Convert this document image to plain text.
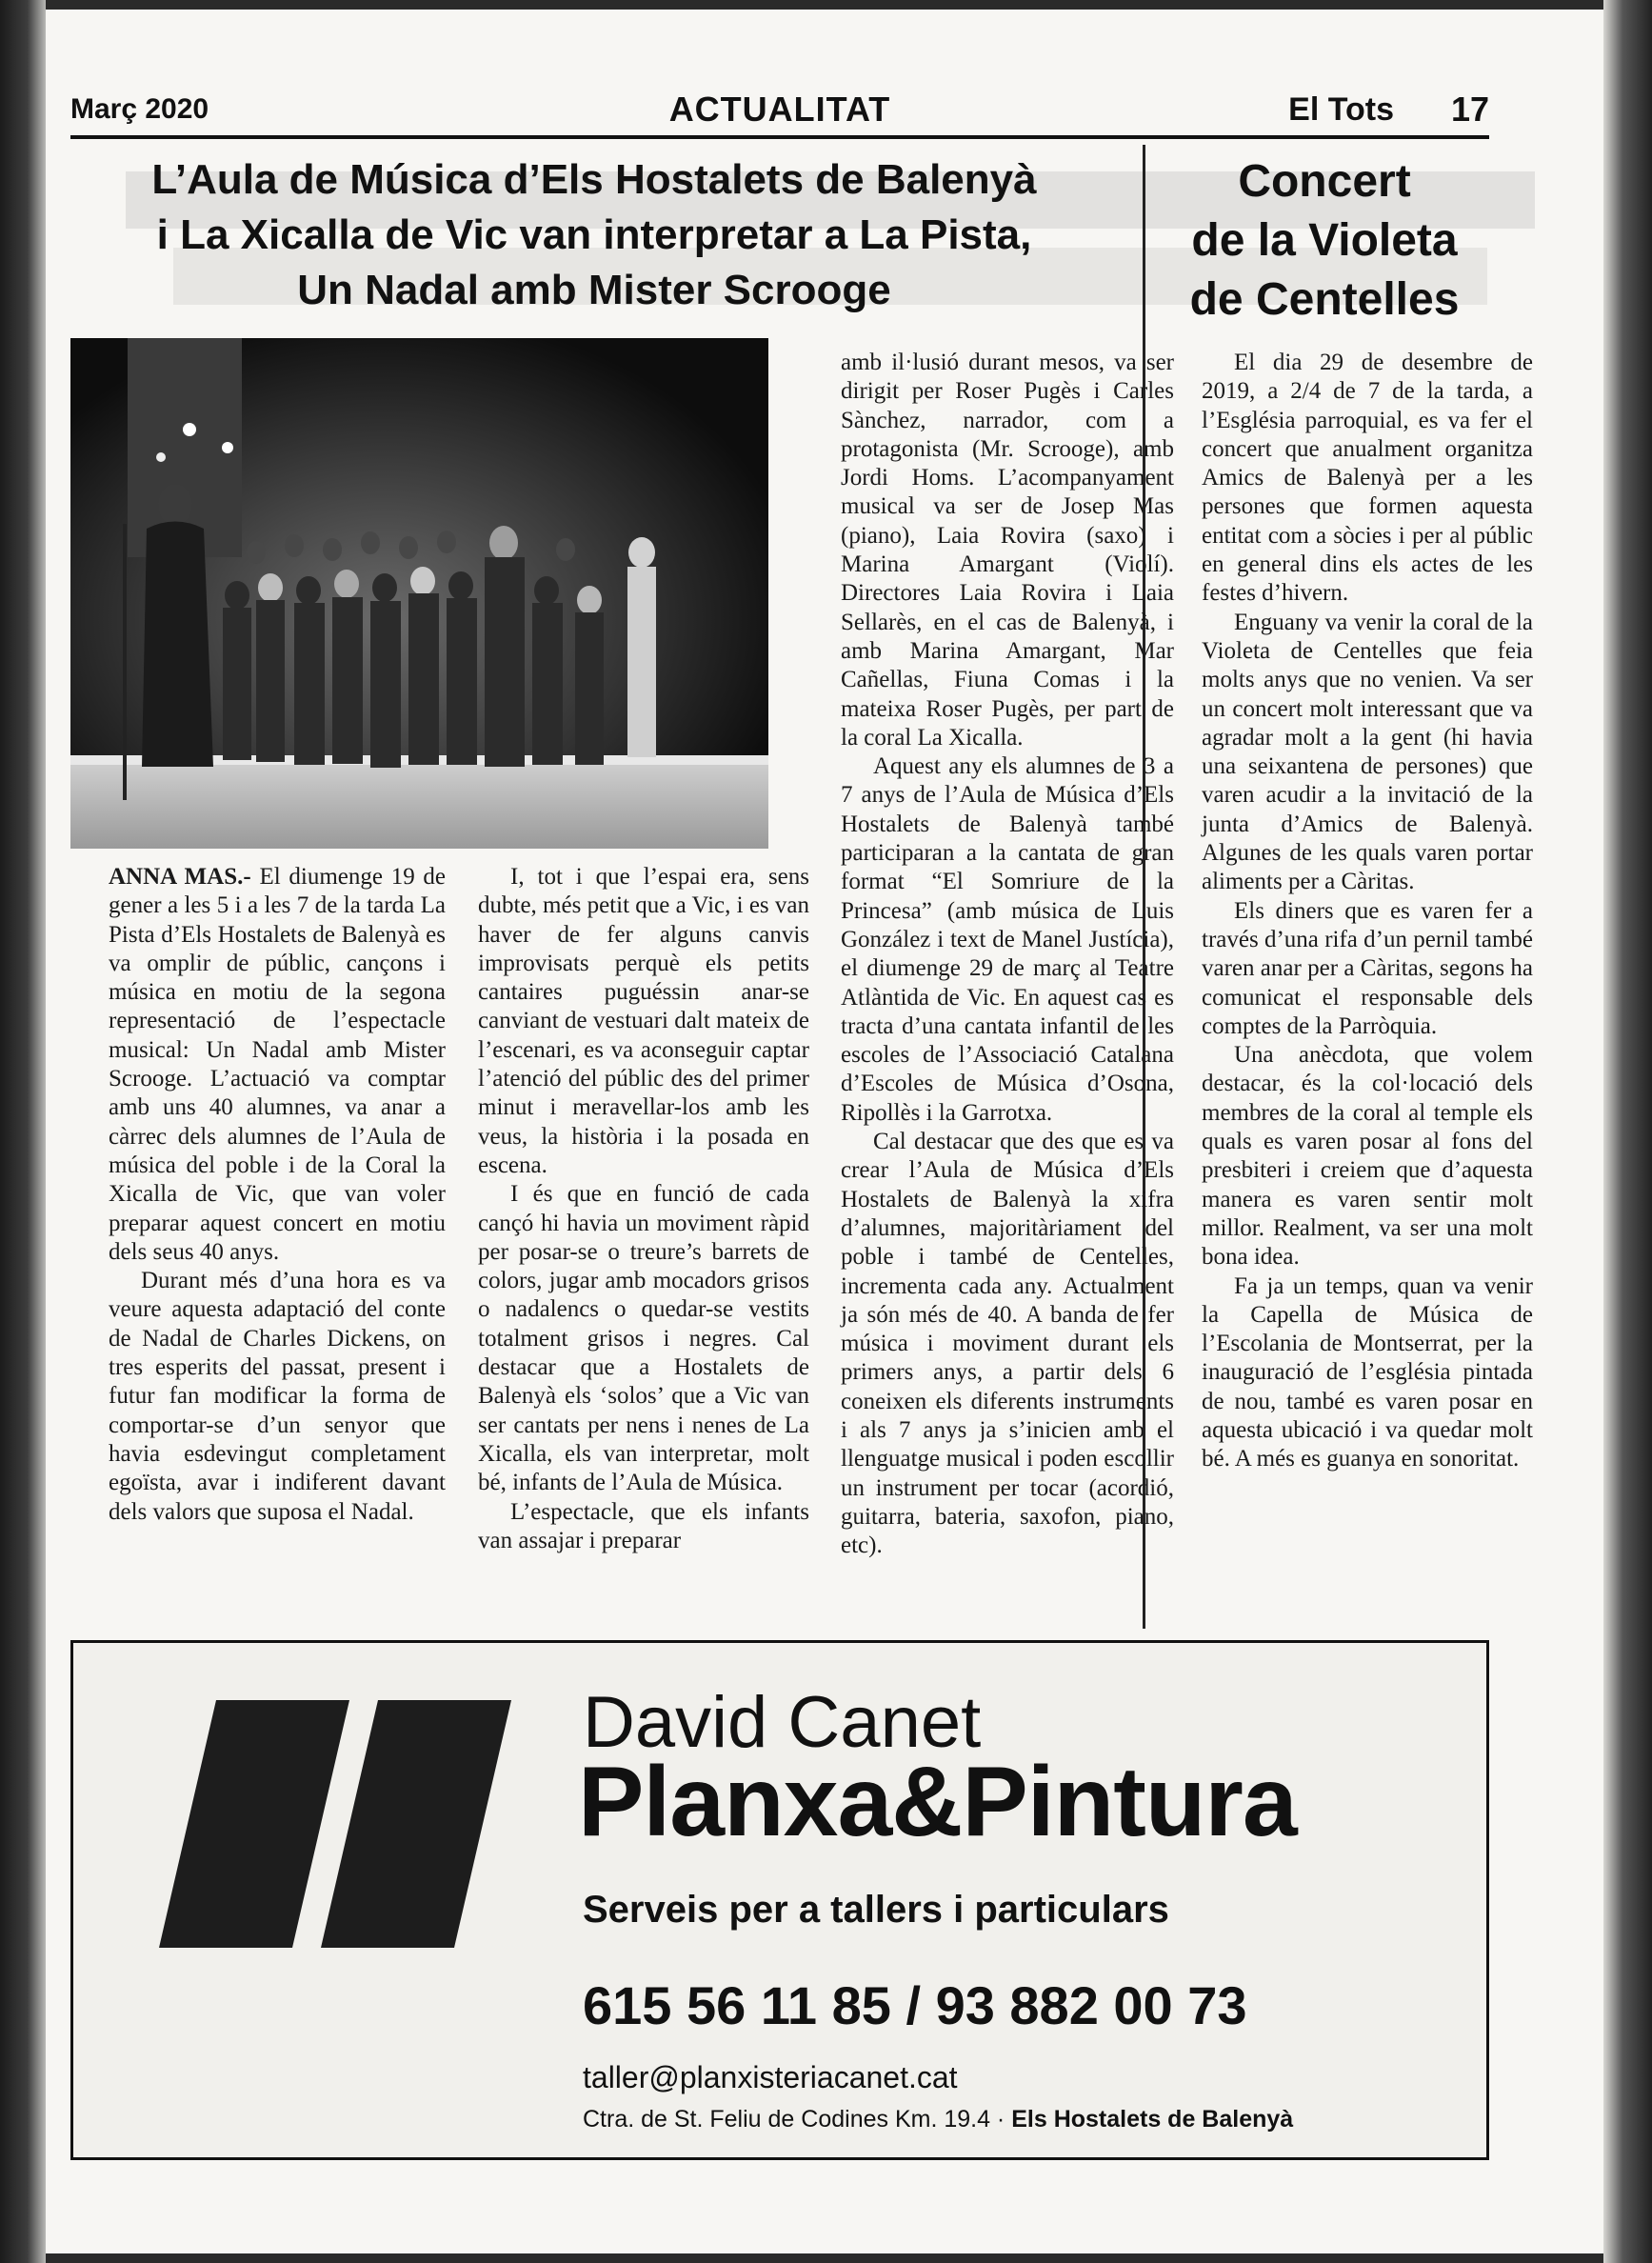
Març 2020	ACTUALITAT	El Tots 17
L’Aula de Música d’Els Hostalets de Balenyà
i La Xicalla de Vic van interpretar a La Pista,
Un Nadal amb Mister Scrooge
Concert
de la Violeta
de Centelles

ANNA MAS.- El diumenge 19 de gener a les 5 i a les 7 de la tarda La Pista d’Els Hostalets de Balenyà es va omplir de públic, cançons i música en motiu de la segona representació de l’espectacle musical: Un Nadal amb Mister Scrooge. L’actuació va comptar amb uns 40 alumnes, va anar a càrrec dels alumnes de l’Aula de música del poble i de la Coral la Xicalla de Vic, que van voler preparar aquest concert en motiu dels seus 40 anys.

Durant més d’una hora es va veure aquesta adaptació del conte de Nadal de Charles Dickens, on tres esperits del passat, present i futur fan modificar la forma de comportar-se d’un senyor que havia esdevingut completament egoïsta, avar i indiferent davant dels valors que suposa el Nadal.

I, tot i que l’espai era, sens dubte, més petit que a Vic, i es van haver de fer alguns canvis improvisats perquè els petits cantaires puguéssin anar-se canviant de vestuari dalt mateix de l’escenari, es va aconseguir captar l’atenció del públic des del primer minut i meravellar-los amb les veus, la història i la posada en escena.

I és que en funció de cada cançó hi havia un moviment ràpid per posar-se o treure’s barrets de colors, jugar amb mocadors grisos o nadalencs o quedar-se vestits totalment grisos i negres. Cal destacar que a Hostalets de Balenyà els ‘solos’ que a Vic van ser cantats per nens i nenes de La Xicalla, els van interpretar, molt bé, infants de l’Aula de Música.

L’espectacle, que els infants van assajar i preparar

amb il·lusió durant mesos, va ser dirigit per Roser Pugès i Carles Sànchez, narrador, com a protagonista (Mr. Scrooge), amb Jordi Homs. L’acompanyament musical va ser de Josep Mas (piano), Laia Rovira (saxo) i Marina Amargant (Violí). Directores Laia Rovira i Laia Sellarès, en el cas de Balenyà, i amb Marina Amargant, Mar Cañellas, Fiuna Comas i la mateixa Roser Pugès, per part de la coral La Xicalla.

Aquest any els alumnes de 3 a 7 anys de l’Aula de Música d’Els Hostalets de Balenyà també participaran a la cantata de gran format “El Somriure de la Princesa” (amb música de Luis González i text de Manel Justícia), el diumenge 29 de març al Teatre Atlàntida de Vic. En aquest cas es tracta d’una cantata infantil de les escoles de l’Associació Catalana d’Escoles de Música d’Osona, Ripollès i la Garrotxa.

Cal destacar que des que es va crear l’Aula de Música d’Els Hostalets de Balenyà la xifra d’alumnes, majoritàriament del poble i també de Centelles, incrementa cada any. Actualment ja són més de 40. A banda de fer música i moviment durant els primers anys, a partir dels 6 coneixen els diferents instruments i als 7 anys ja s’inicien amb el llenguatge musical i poden escollir un instrument per tocar (acordió, guitarra, bateria, saxofon, piano, etc).

El dia 29 de desembre de 2019, a 2/4 de 7 de la tarda, a l’Església parroquial, es va fer el concert que anualment organitza Amics de Balenyà per a les persones que formen aquesta entitat com a sòcies i per al públic en general dins els actes de les festes d’hivern.

Enguany va venir la coral de la Violeta de Centelles que feia molts anys que no venien. Va ser un concert molt interessant que va agradar molt a la gent (hi havia una seixantena de persones) que varen acudir a la invitació de la junta d’Amics de Balenyà. Algunes de les quals varen portar aliments per a Càritas.

Els diners que es varen fer a través d’una rifa d’un pernil també varen anar per a Càritas, segons ha comunicat el responsable dels comptes de la Parròquia.

Una anècdota, que volem destacar, és la col·locació dels membres de la coral al temple els quals es varen posar al fons del presbiteri i creiem que d’aquesta manera es varen sentir molt millor. Realment, va ser una molt bona idea.

Fa ja un temps, quan va venir la Capella de Música de l’Escolania de Montserrat, per la inauguració de l’església pintada de nou, també es varen posar en aquesta ubicació i va quedar molt bé. A més es guanya en sonoritat.

David Canet
Planxa&Pintura
Serveis per a tallers i particulars
615 56 11 85 / 93 882 00 73
taller@planxisteriacanet.cat
Ctra. de St. Feliu de Codines Km. 19.4 · Els Hostalets de Balenyà
